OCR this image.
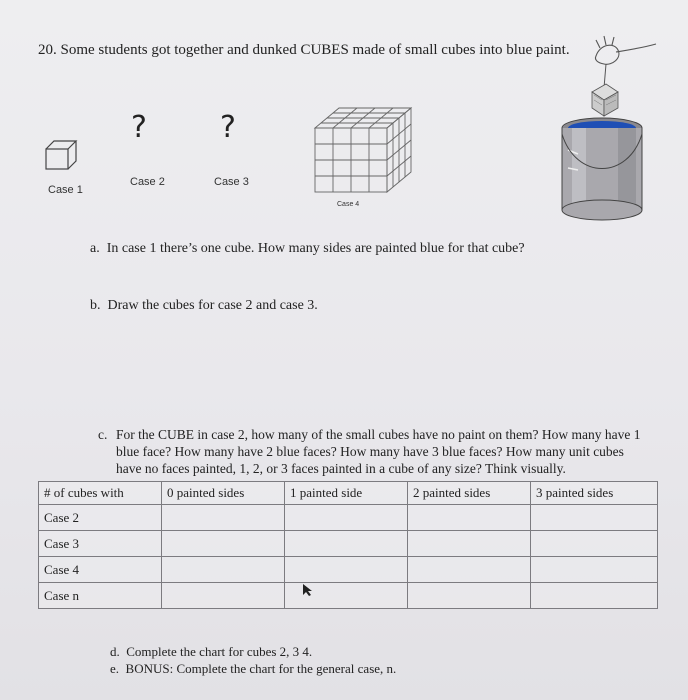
20. Some students got together and dunked CUBES made of small cubes into blue paint.
Case 1
?
Case 2
?
Case 3
Case 4
a. In case 1 there’s one cube. How many sides are painted blue for that cube?
b. Draw the cubes for case 2 and case 3.
c. For the CUBE in case 2, how many of the small cubes have no paint on them? How many have 1
blue face? How many have 2 blue faces? How many have 3 blue faces? How many unit cubes
have no faces painted, 1, 2, or 3 faces painted in a cube of any size? Think visually.
# of cubes with	0 painted sides	1 painted side	2 painted sides	3 painted sides
Case 2				
Case 3				
Case 4				
Case n				
d. Complete the chart for cubes 2, 3 4.
e. BONUS: Complete the chart for the general case, n.
